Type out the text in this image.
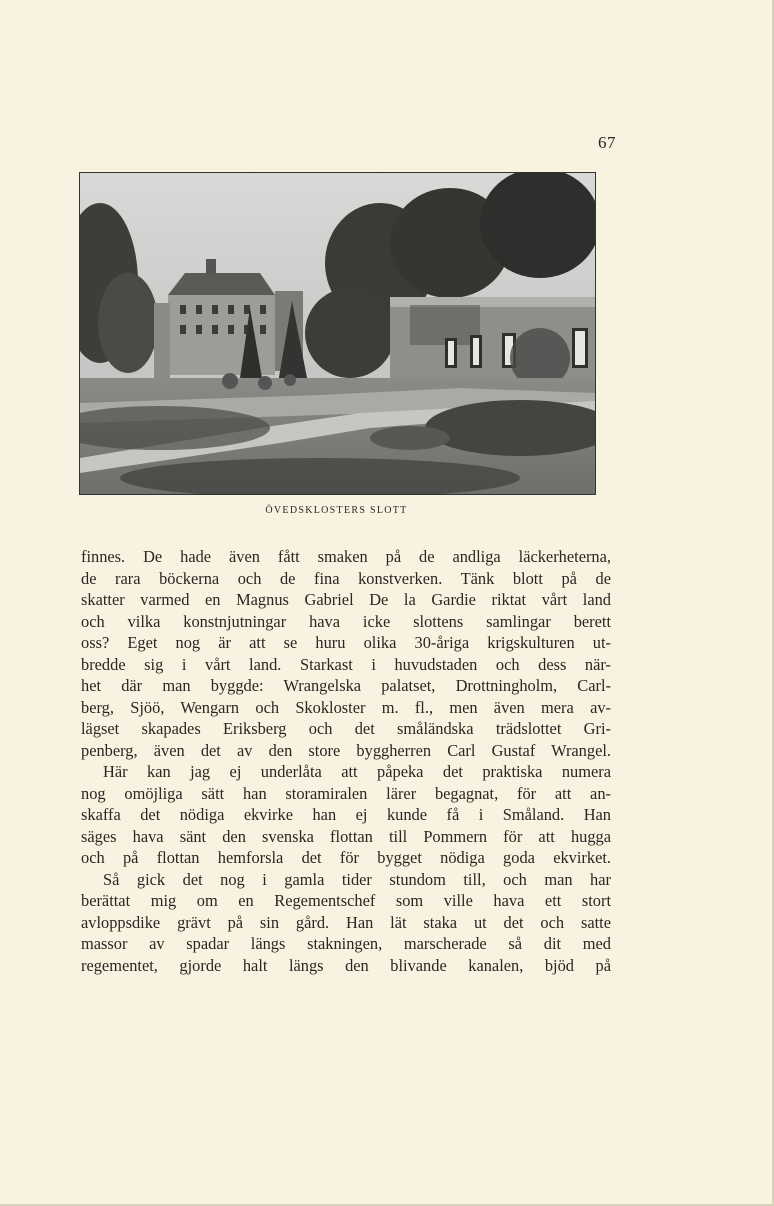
67
ÖVEDSKLOSTERS SLOTT
finnes. De hade även fått smaken på de andliga läckerheterna,
de rara böckerna och de fina konstverken. Tänk blott på de
skatter varmed en Magnus Gabriel De la Gardie riktat vårt land
och vilka konstnjutningar hava icke slottens samlingar berett
oss? Eget nog är att se huru olika 30-åriga krigskulturen ut-
bredde sig i vårt land. Starkast i huvudstaden och dess när-
het där man byggde: Wrangelska palatset, Drottningholm, Carl-
berg, Sjöö, Wengarn och Skokloster m. fl., men även mera av-
lägset skapades Eriksberg och det småländska trädslottet Gri-
penberg, även det av den store byggherren Carl Gustaf Wrangel.
Här kan jag ej underlåta att påpeka det praktiska numera
nog omöjliga sätt han storamiralen lärer begagnat, för att an-
skaffa det nödiga ekvirke han ej kunde få i Småland. Han
säges hava sänt den svenska flottan till Pommern för att hugga
och på flottan hemforsla det för bygget nödiga goda ekvirket.
Så gick det nog i gamla tider stundom till, och man har
berättat mig om en Regementschef som ville hava ett stort
avloppsdike grävt på sin gård. Han lät staka ut det och satte
massor av spadar längs stakningen, marscherade så dit med
regementet, gjorde halt längs den blivande kanalen, bjöd på
